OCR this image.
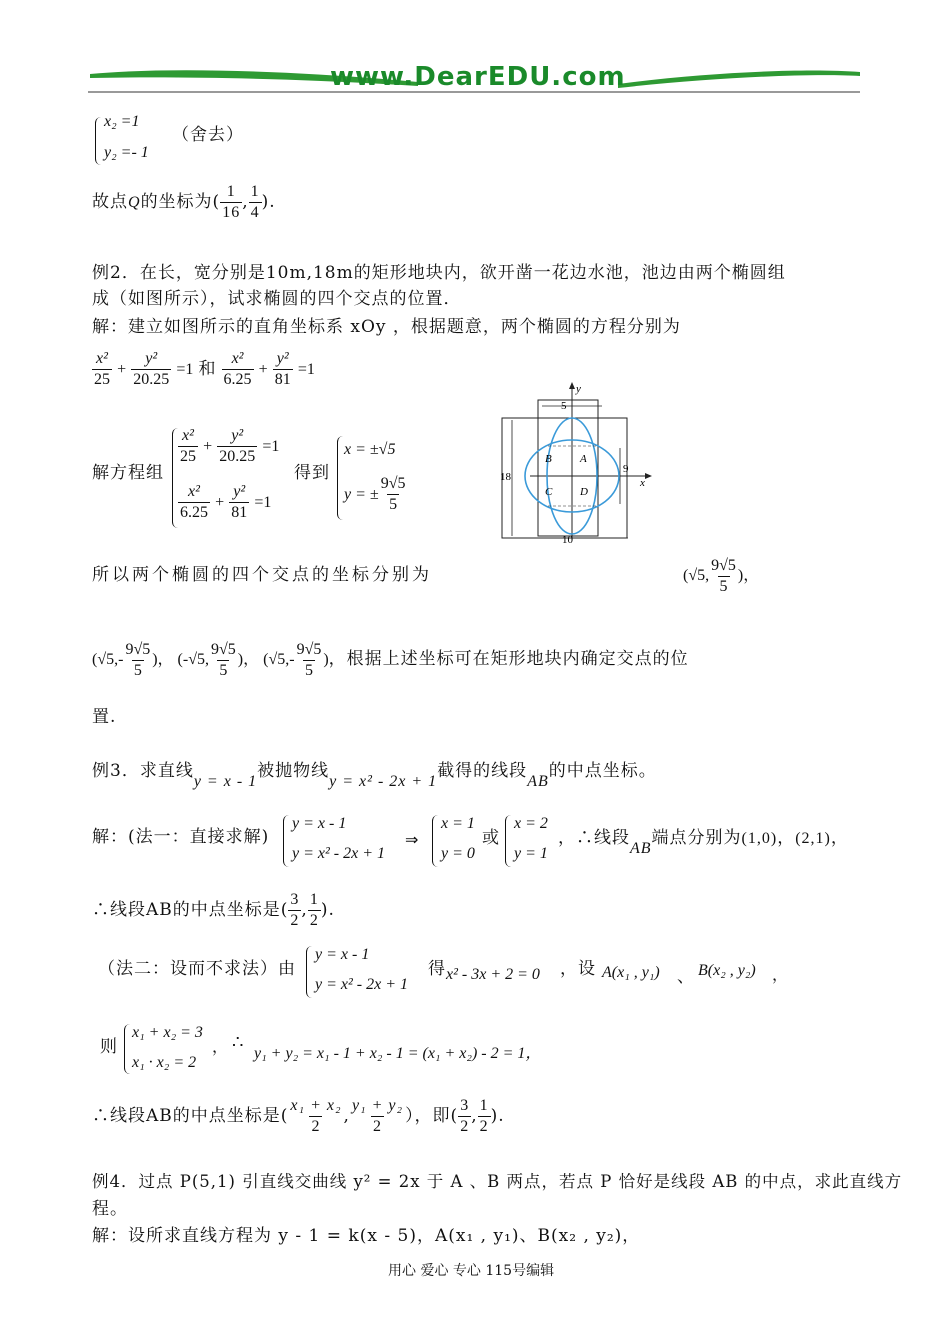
www.DearEDU.com
x₂ =1
y₂ =- 1
（舍去）
故点Q的坐标为( $\frac{1}{16}$ , $\frac{1}{4}$ ).
例2．在长，宽分别是10m,18m的矩形地块内，欲开凿一花边水池，池边由两个椭圆组
成（如图所示），试求椭圆的四个交点的位置．
解：建立如图所示的直角坐标系 xOy ，根据题意，两个椭圆的方程分别为
$\frac{\text{x²}}{25} + \frac{\text{y²}}{20.25} =1$ 和 $\frac{\text{x²}}{6.25} + \frac{\text{y²}}{81} =1$
解方程组
$\frac{\text{x²}}{25} + \frac{\text{y²}}{20.25} =1$
$\frac{\text{x²}}{6.25} + \frac{\text{y²}}{81} =1$
得到
x = ±√5
y = ± $\frac{9√5}{5}$
5
18
9
10
y
x
A
B
C	D
所以两个椭圆的四个交点的坐标分别为	(√5, $\frac{9√5}{5}$ )，
($√5,- \frac{9√5}{5}$ )， (-√5, $\frac{9√5}{5}$ )， ($√5,- \frac{9√5}{5}$ )，根据上述坐标可在矩形地块内确定交点的位
置.
例3．求直线y = x - 1被抛物线y = x² - 2x + 1截得的线段AB的中点坐标。
解：(法一：直接求解)
y = x - 1
y = x² - 2x + 1
⇒
x = 1
y = 0
或
x = 2
y = 1
，∴线段AB端点分别为(1,0)，(2,1)，
∴线段AB的中点坐标是( $\frac{3}{2}$ , $\frac{1}{2}$ ).
（法二：设而不求法）由
y = x - 1
y = x² - 2x + 1
得 x² - 3x + 2 = 0 ，设 A(x₁ , y₁) 、 B(x₂ , y₂) ，
则
x₁ + x₂ = 3
x₁ · x₂ = 2
， ∴
y₁ + y₂ = x₁ - 1 + x₂ - 1 = (x₁ + x₂) - 2 = 1，
∴线段AB的中点坐标是( $\frac{\text{x₁ + x₂}}{2}$ , $\frac{\text{y₁ + y₂}}{2}$ ），即( $\frac{3}{2}$ , $\frac{1}{2}$ ).
例4．过点 P(5,1) 引直线交曲线 y² = 2x 于 A 、B 两点，若点 P 恰好是线段 AB 的中点，求此直线方
程。
解：设所求直线方程为 y - 1 = k(x - 5)，A(x₁ , y₁)、B(x₂ , y₂)，
用心 爱心 专心 115号编辑
